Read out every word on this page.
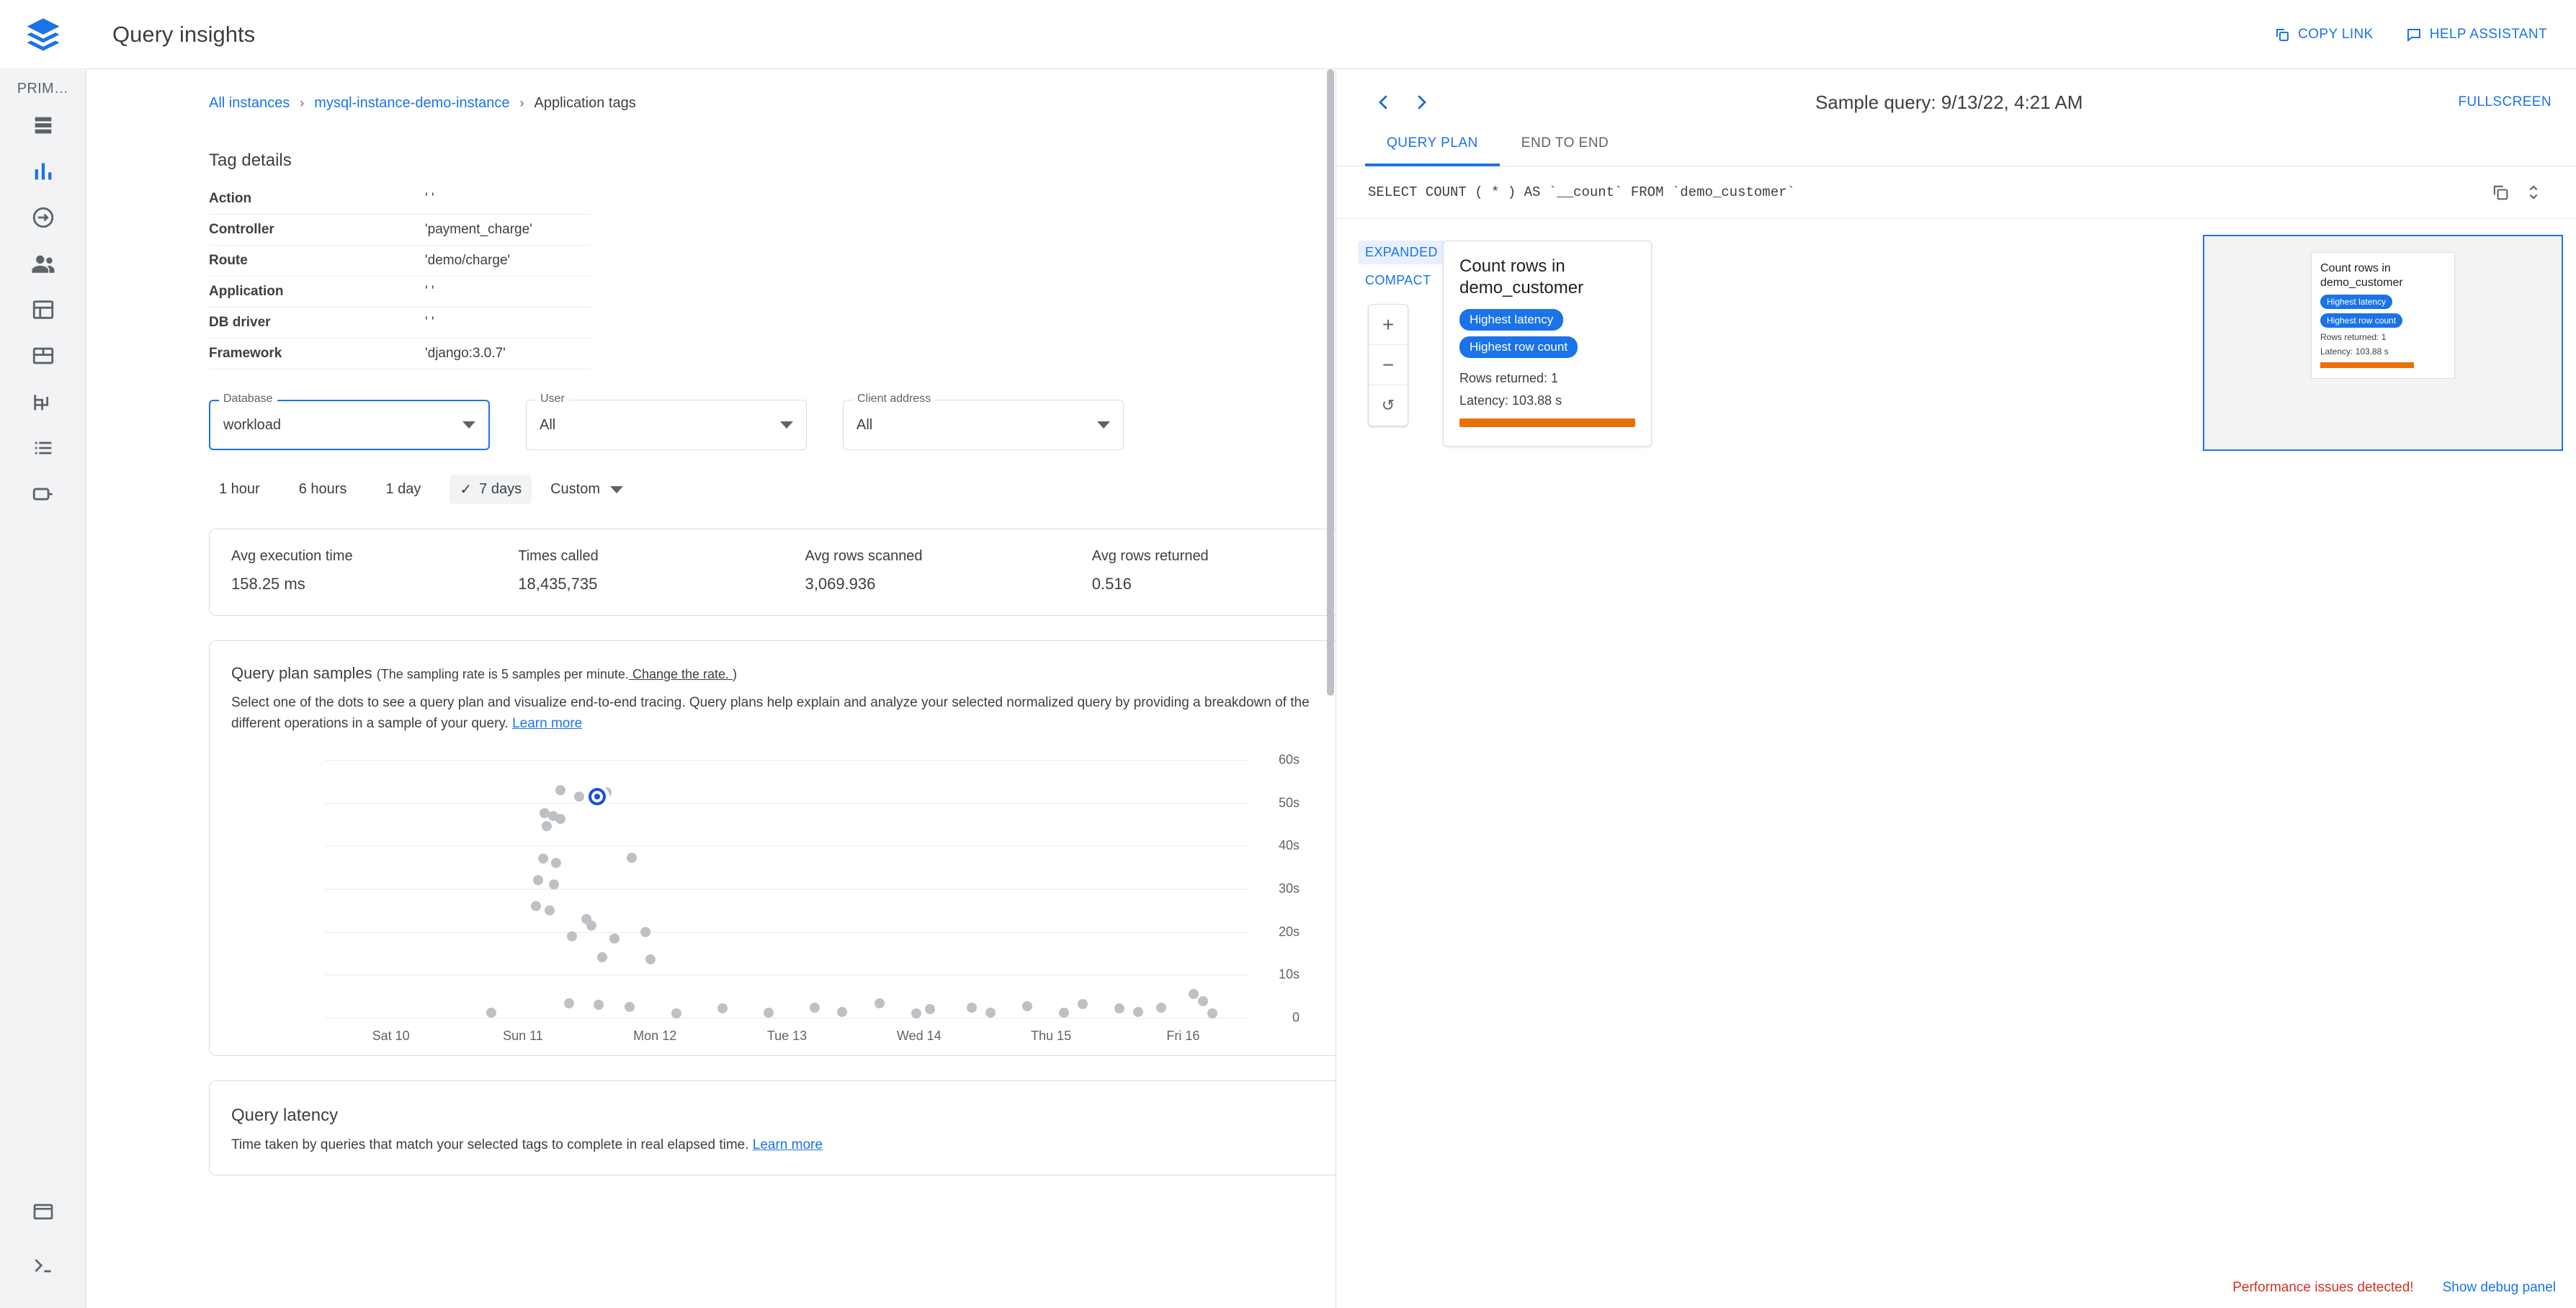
PRIM…
Query insights	COPY LINK	HELP ASSISTANT
All instances › mysql-instance-demo-instance › Application tags
Tag details
Action	' '
Controller	'payment_charge'
Route	'demo/charge'
Application	' '
DB driver	' '
Framework	'django:3.0.7'
Database
workload
User
All
Client address
All
1 hour	6 hours	1 day	✓ 7 days Custom
Avg execution time
158.25 ms
Times called
18,435,735
Avg rows scanned
3,069.936
Avg rows returned
0.516
Query plan samples (The sampling rate is 5 samples per minute. Change the rate. )
Select one of the dots to see a query plan and visualize end-to-end tracing. Query plans help explain and analyze your selected normalized query by providing a breakdown of the different operations in a sample of your query. Learn more
0
10s
20s
30s
40s
50s
60s
Sat 10	Sun 11	Mon 12	Tue 13	Wed 14	Thu 15	Fri 16
Query latency
Time taken by queries that match your selected tags to complete in real elapsed time. Learn more
Sample query: 9/13/22, 4:21 AM	FULLSCREEN
QUERY PLAN	END TO END
SELECT COUNT ( * ) AS `__count` FROM `demo_customer`
EXPANDED
COMPACT
+
−
↺
Count rows in demo_customer
Highest latency
Highest row count
Rows returned: 1
Latency: 103.88 s
Count rows in demo_customer
Highest latency
Highest row count
Rows returned: 1
Latency: 103.88 s
Performance issues detected! Show debug panel
